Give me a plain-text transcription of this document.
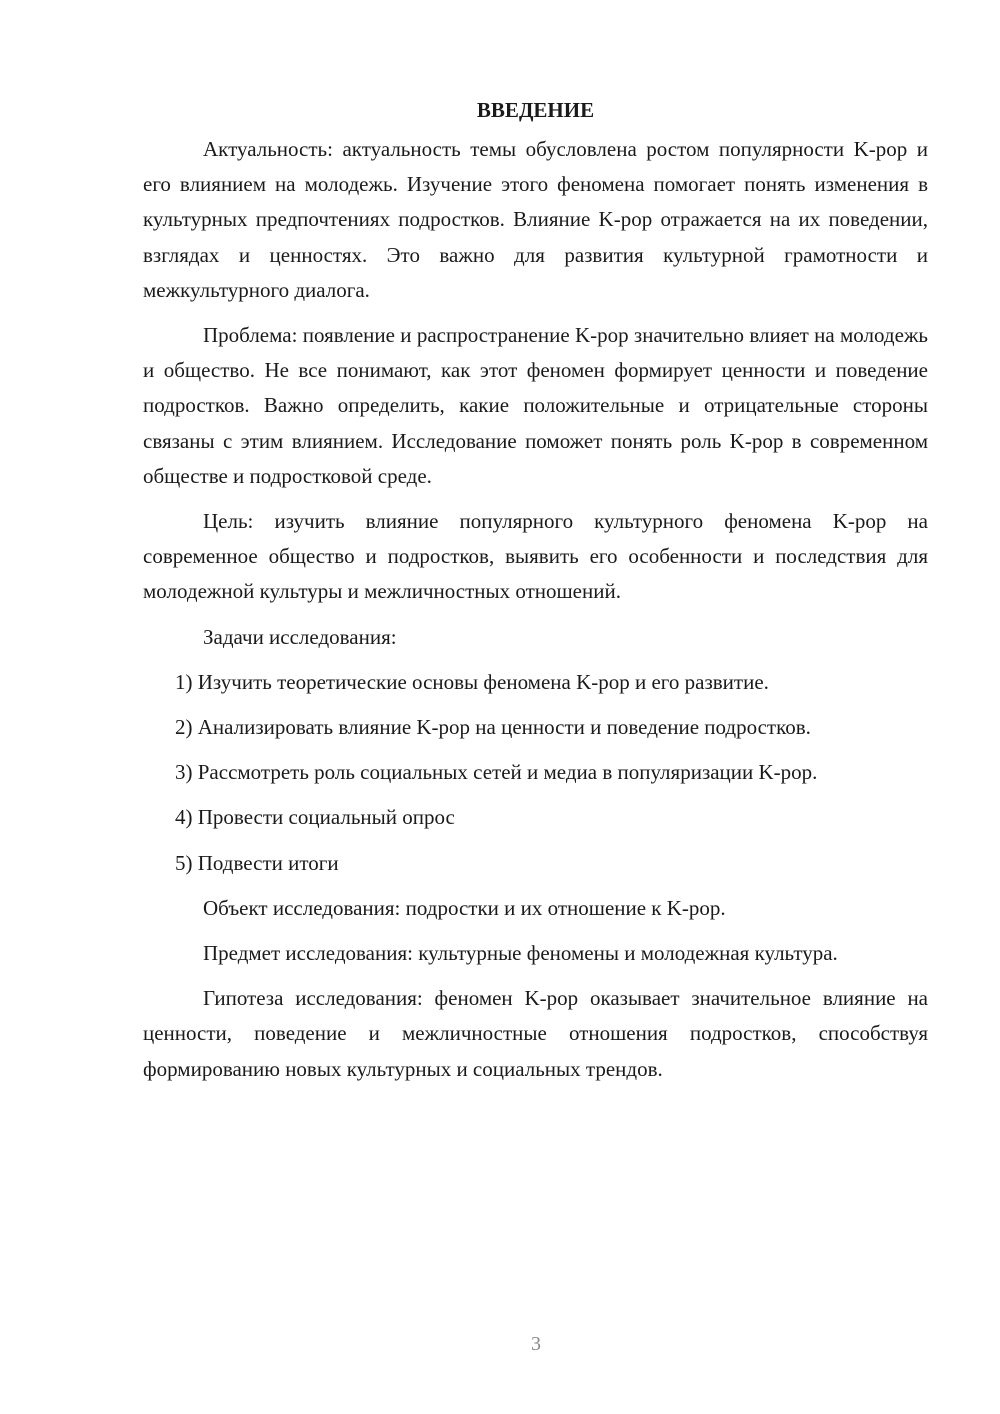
ВВЕДЕНИЕ

Актуальность: актуальность темы обусловлена ростом популярности K-pop и его влиянием на молодежь. Изучение этого феномена помогает понять изменения в культурных предпочтениях подростков. Влияние K-pop отражается на их поведении, взглядах и ценностях. Это важно для развития культурной грамотности и межкультурного диалога.

Проблема: появление и распространение K-pop значительно влияет на молодежь и общество. Не все понимают, как этот феномен формирует ценности и поведение подростков. Важно определить, какие положительные и отрицательные стороны связаны с этим влиянием. Исследование поможет понять роль K-pop в современном обществе и подростковой среде.

Цель: изучить влияние популярного культурного феномена K-pop на современное общество и подростков, выявить его особенности и последствия для молодежной культуры и межличностных отношений.

Задачи исследования:

1) Изучить теоретические основы феномена K-pop и его развитие.

2) Анализировать влияние K-pop на ценности и поведение подростков.

3) Рассмотреть роль социальных сетей и медиа в популяризации K-pop.

4) Провести социальный опрос

5) Подвести итоги

Объект исследования: подростки и их отношение к K-pop.

Предмет исследования: культурные феномены и молодежная культура.

Гипотеза исследования: феномен K-pop оказывает значительное влияние на ценности, поведение и межличностные отношения подростков, способствуя формированию новых культурных и социальных трендов.

3
